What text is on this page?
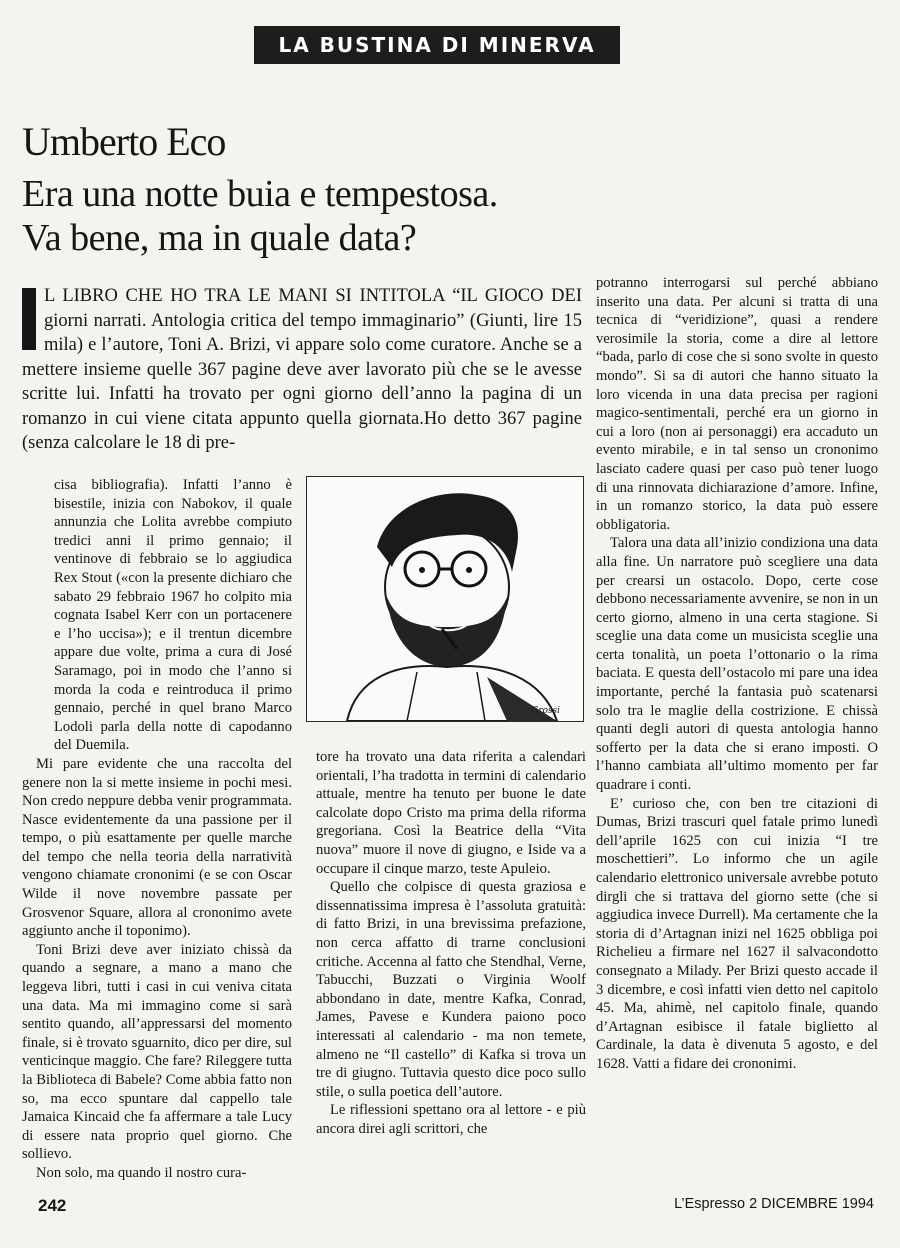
LA BUSTINA DI MINERVA
Umberto Eco
Era una notte buia e tempestosa.
Va bene, ma in quale data?
L LIBRO CHE HO TRA LE MANI SI INTITOLA “IL GIOCO DEI giorni narrati. Antologia critica del tempo immaginario” (Giunti, lire 15 mila) e l’autore, Toni A. Brizi, vi appare solo come curatore. Anche se a mettere insieme quelle 367 pagine deve aver lavorato più che se le avesse scritte lui. Infatti ha trovato per ogni giorno dell’anno la pagina di un romanzo in cui viene citata appunto quella giornata.Ho detto 367 pagine (senza calcolare le 18 di pre-

cisa bibliografia). Infatti l’anno è bisestile, inizia con Nabokov, il quale annunzia che Lolita avrebbe compiuto tredici anni il primo gennaio; il ventinove di febbraio se lo aggiudica Rex Stout («con la presente dichiaro che sabato 29 febbraio 1967 ho colpito mia cognata Isabel Kerr con un portacenere e l’ho uccisa»); e il trentun dicembre appare due volte, prima a cura di José Saramago, poi in modo che l’anno si morda la coda e reintroduca il primo gennaio, perché in quel brano Marco Lodoli parla della notte di capodanno del Duemila.

Mi pare evidente che una raccolta del genere non la si mette insieme in pochi mesi. Non credo neppure debba venir programmata. Nasce evidentemente da una passione per il tempo, o più esattamente per quelle marche del tempo che nella teoria della narratività vengono chiamate crononimi (e se con Oscar Wilde il nove novembre passate per Grosvenor Square, allora al crononimo avete aggiunto anche il toponimo).

Toni Brizi deve aver iniziato chissà da quando a segnare, a mano a mano che leggeva libri, tutti i casi in cui veniva citata una data. Ma mi immagino come si sarà sentito quando, all’appressarsi del momento finale, si è trovato sguarnito, dico per dire, sul venticinque maggio. Che fare? Rileggere tutta la Biblioteca di Babele? Come abbia fatto non so, ma ecco spuntare dal cappello tale Jamaica Kincaid che fa affermare a tale Lucy di essere nata proprio quel giorno. Che sollievo.

Non solo, ma quando il nostro cura-

Grossi

tore ha trovato una data riferita a calendari orientali, l’ha tradotta in termini di calendario attuale, mentre ha tenuto per buone le date calcolate dopo Cristo ma prima della riforma gregoriana. Così la Beatrice della “Vita nuova” muore il nove di giugno, e Iside va a occupare il cinque marzo, teste Apuleio.

Quello che colpisce di questa graziosa e dissennatissima impresa è l’assoluta gratuità: di fatto Brizi, in una brevissima prefazione, non cerca affatto di trarne conclusioni critiche. Accenna al fatto che Stendhal, Verne, Tabucchi, Buzzati o Virginia Woolf abbondano in date, mentre Kafka, Conrad, James, Pavese e Kundera paiono poco interessati al calendario - ma non temete, almeno ne “Il castello” di Kafka si trova un tre di giugno. Tuttavia questo dice poco sullo stile, o sulla poetica dell’autore.

Le riflessioni spettano ora al lettore - e più ancora direi agli scrittori, che

potranno interrogarsi sul perché abbiano inserito una data. Per alcuni si tratta di una tecnica di “veridizione”, quasi a rendere verosimile la storia, come a dire al lettore “bada, parlo di cose che si sono svolte in questo mondo”. Si sa di autori che hanno situato la loro vicenda in una data precisa per ragioni magico-sentimentali, perché era un giorno in cui a loro (non ai personaggi) era accaduto un evento mirabile, e in tal senso un crononimo lasciato cadere quasi per caso può tener luogo di una rinnovata dichiarazione d’amore. Infine, in un romanzo storico, la data può essere obbligatoria.

Talora una data all’inizio condiziona una data alla fine. Un narratore può scegliere una data per crearsi un ostacolo. Dopo, certe cose debbono necessariamente avvenire, se non in un certo giorno, almeno in una certa stagione. Si sceglie una data come un musicista sceglie una certa tonalità, un poeta l’ottonario o la rima baciata. E questa dell’ostacolo mi pare una idea importante, perché la fantasia può scatenarsi solo tra le maglie della costrizione. E chissà quanti degli autori di questa antologia hanno sofferto per la data che si erano imposti. O l’hanno cambiata all’ultimo momento per far quadrare i conti.

E’ curioso che, con ben tre citazioni di Dumas, Brizi trascuri quel fatale primo lunedì dell’aprile 1625 con cui inizia “I tre moschettieri”. Lo informo che un agile calendario elettronico universale avrebbe potuto dirgli che si trattava del giorno sette (che si aggiudica invece Durrell). Ma certamente che la storia di d’Artagnan inizi nel 1625 obbliga poi Richelieu a firmare nel 1627 il salvacondotto consegnato a Milady. Per Brizi questo accade il 3 dicembre, e così infatti vien detto nel capitolo 45. Ma, ahimè, nel capitolo finale, quando d’Artagnan esibisce il fatale biglietto al Cardinale, la data è divenuta 5 agosto, e del 1628. Vatti a fidare dei crononimi.

242	L’Espresso 2 DICEMBRE 1994
